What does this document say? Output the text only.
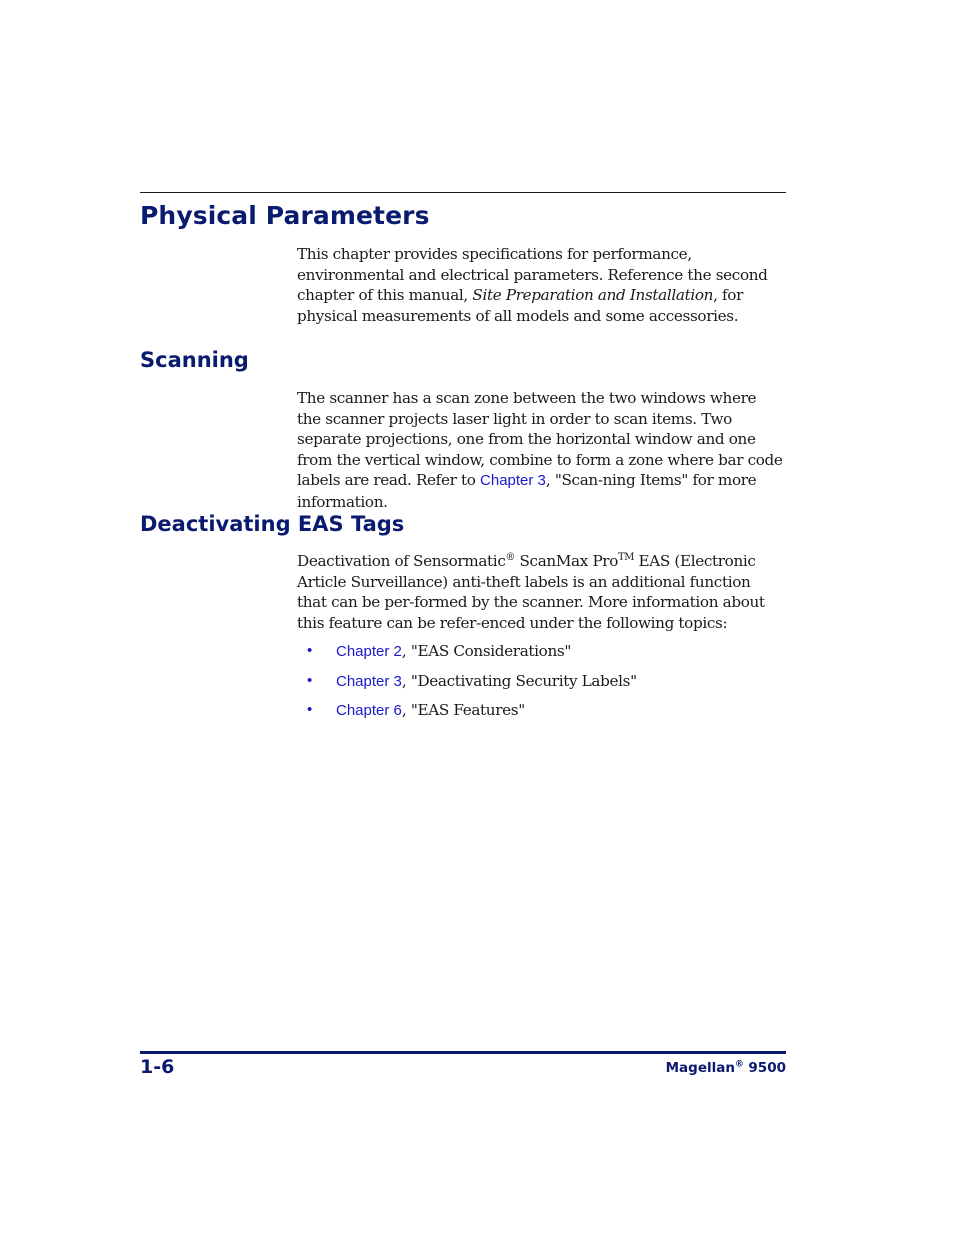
Physical Parameters

This chapter provides specifications for performance, environmental and electrical parameters. Reference the second chapter of this manual, Site Preparation and Installation, for physical measurements of all models and some accessories.

Scanning

The scanner has a scan zone between the two windows where the scanner projects laser light in order to scan items. Two separate projections, one from the horizontal window and one from the vertical window, combine to form a zone where bar code labels are read. Refer to Chapter 3, "Scan-ning Items" for more information.

Deactivating EAS Tags

Deactivation of Sensormatic® ScanMax Pro™ EAS (Electronic Article Surveillance) anti-theft labels is an additional function that can be per-formed by the scanner. More information about this feature can be refer-enced under the following topics:

• Chapter 2, "EAS Considerations"
• Chapter 3, "Deactivating Security Labels"
• Chapter 6, "EAS Features"
1-6	Magellan® 9500
